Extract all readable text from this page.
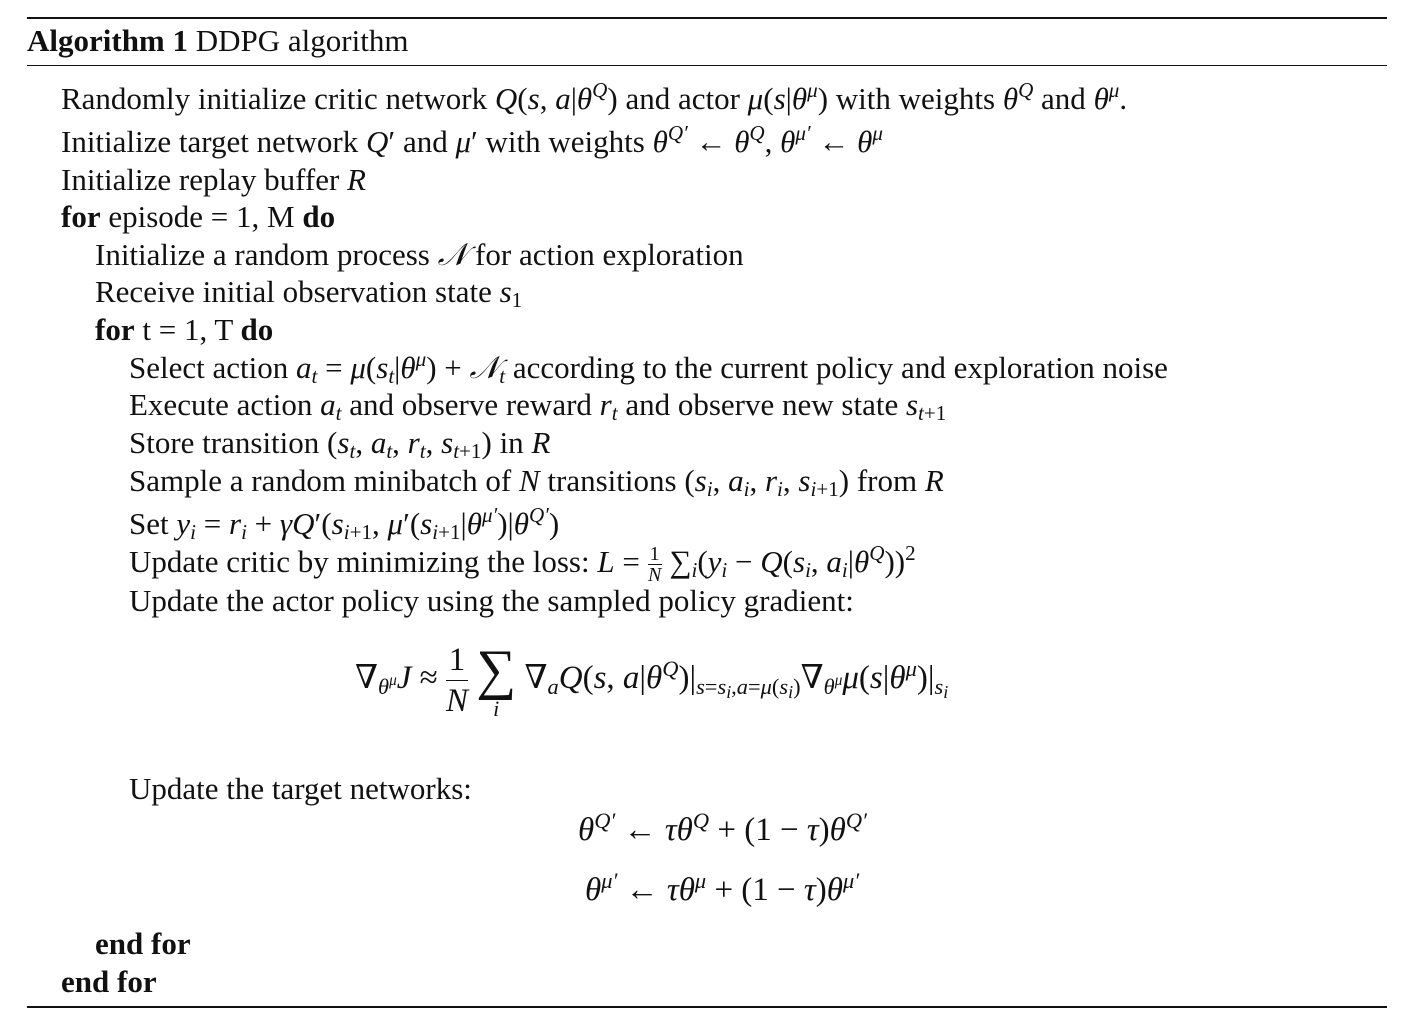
Algorithm 1 DDPG algorithm
Randomly initialize critic network Q(s, $a|\theta^Q$) and actor $\mu(s|\theta^\mu)$ with weights $\theta^Q$ and $\theta^\mu$.
Initialize target network Q′ and μ′ with weights $\theta^{Q'}$ ← $\theta^Q$, $\theta^{\mu'}$ ← $\theta^\mu$
Initialize replay buffer R
for episode = 1, M do
Initialize a random process 𝒩 for action exploration
Receive initial observation state $s_1$
for t = 1, T do
Select action $a_t = \mu(s_t|\theta^\mu)$ + 𝒩$_t$ according to the current policy and exploration noise
Execute action $a_t$ and observe reward $r_t$ and observe new state $s_{t+1}$
Store transition ($s_t$, $a_t$, $r_t$, $s_{t+1}$) in R
Sample a random minibatch of N transitions ($s_i$, $a_i$, $r_i$, $s_{i+1}$) from R
Set $y_i = r_i + \gamma Q'(s_{i+1}$, $\mu'(s_{i+1}|\theta^{\mu'})|\theta^{Q'}$)
Update critic by minimizing the loss: $L = \frac{1}{N} \sum_i(y_i - Q(s_i$, $a_i|\theta^Q))^2$
Update the actor policy using the sampled policy gradient:
$\nabla_{\theta^\mu}J \approx \frac{1}{N}$
∑
i
$\nabla_aQ(s$, $a|\theta^Q)|_{s=s_i,a=\mu(s_i)}\nabla_{\theta^\mu}\mu(s|\theta^\mu)|_{s_i}$
Update the target networks:
$\theta^{Q'}$ ← $\tau\theta^Q + (1 - \tau)\theta^{Q'}$
$\theta^{\mu'}$ ← $\tau\theta^\mu + (1 - \tau)\theta^{\mu'}$
end for
end for
